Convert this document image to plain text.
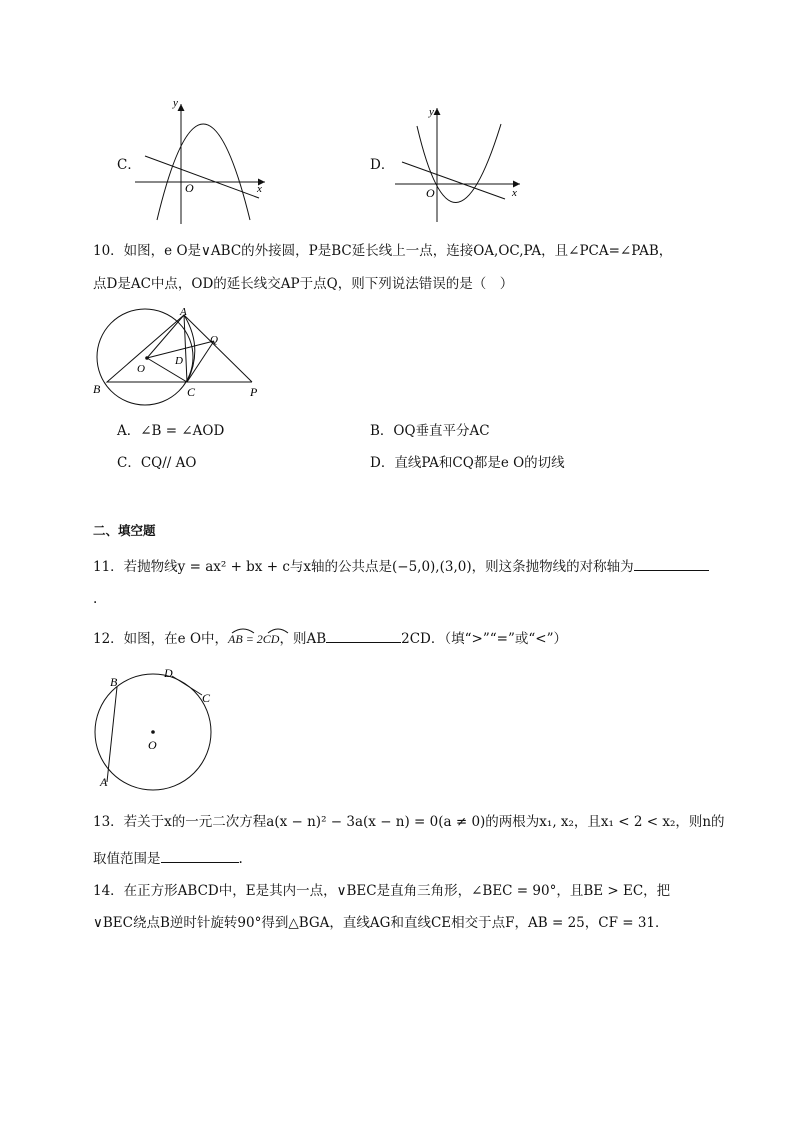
C．
y
x
O
D．
y
x
O
10．如图，e O是∨ABC的外接圆，P是BC延长线上一点，连接OA,OC,PA，且∠PCA=∠PAB，
点D是AC中点，OD的延长线交AP于点Q，则下列说法错误的是（　）
A
B	C
D
O
P
Q
A．∠B = ∠AOD	B．OQ垂直平分AC
C．CQ// AO	D．直线PA和CQ都是e O的切线
二、填空题
11．若抛物线y = ax² + bx + c与x轴的公共点是(−5,0),(3,0)，则这条抛物线的对称轴为
.
12．如图，在e O中，
AB = 2CD，则AB	2CD．（填“>”“=”或“<”）
B
D
C
O
A
13．若关于x的一元二次方程a(x − n)² − 3a(x − n) = 0(a ≠ 0)的两根为x₁, x₂，且x₁ < 2 < x₂，则n的
取值范围是	.
14．在正方形ABCD中，E是其内一点，∨BEC是直角三角形，∠BEC = 90°，且BE > EC，把
∨BEC绕点B逆时针旋转90°得到△BGA，直线AG和直线CE相交于点F，AB = 25，CF = 31．
